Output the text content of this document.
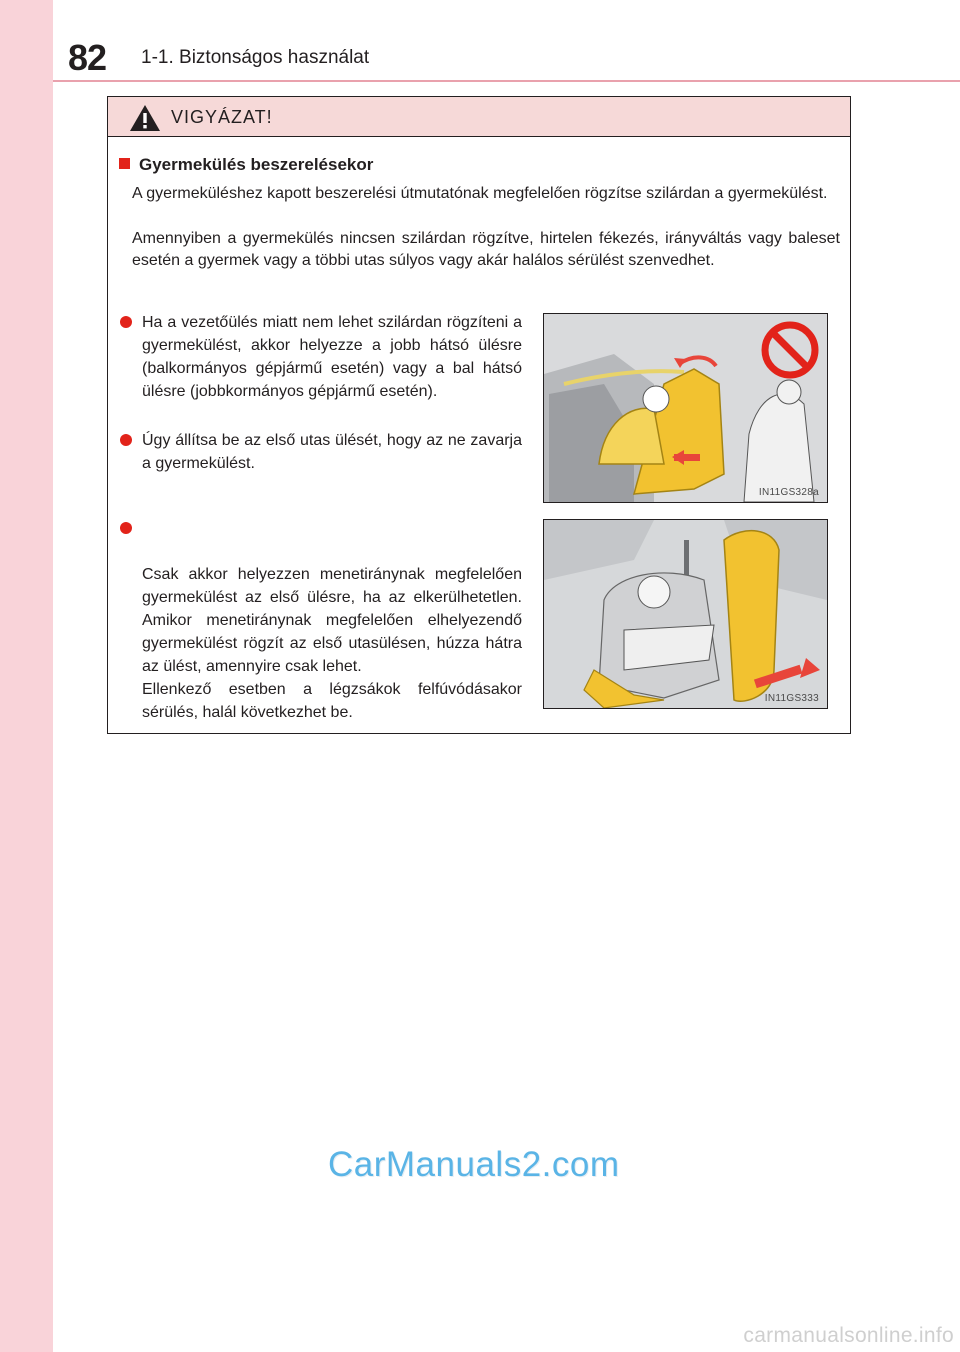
82 1-1. Biztonságos használat
VIGYÁZAT!
Gyermekülés beszerelésekor
A gyermeküléshez kapott beszerelési útmutatónak megfelelően rögzítse szilárdan a gyermekülést.
Amennyiben a gyermekülés nincsen szilárdan rögzítve, hirtelen fékezés, irányváltás vagy baleset esetén a gyermek vagy a többi utas súlyos vagy akár halálos sérülést szenvedhet.
Ha a vezetőülés miatt nem lehet szilárdan rögzíteni a gyermekülést, akkor helyezze a jobb hátsó ülésre (balkormányos gépjármű esetén) vagy a bal hátsó ülésre (jobbkormányos gépjármű esetén).
Úgy állítsa be az első utas ülését, hogy az ne zavarja a gyermekülést.

Csak akkor helyezzen menetiránynak megfelelően gyermekülést az első ülésre, ha az elkerülhetetlen. Amikor menetiránynak megfelelően elhelyezendő gyermekülést rögzít az első utasülésen, húzza hátra az ülést, amennyire csak lehet.
Ellenkező esetben a légzsákok felfúvódásakor sérülés, halál következhet be.

IN11GS328a
IN11GS333
CarManuals2.com
carmanualsonline.info
